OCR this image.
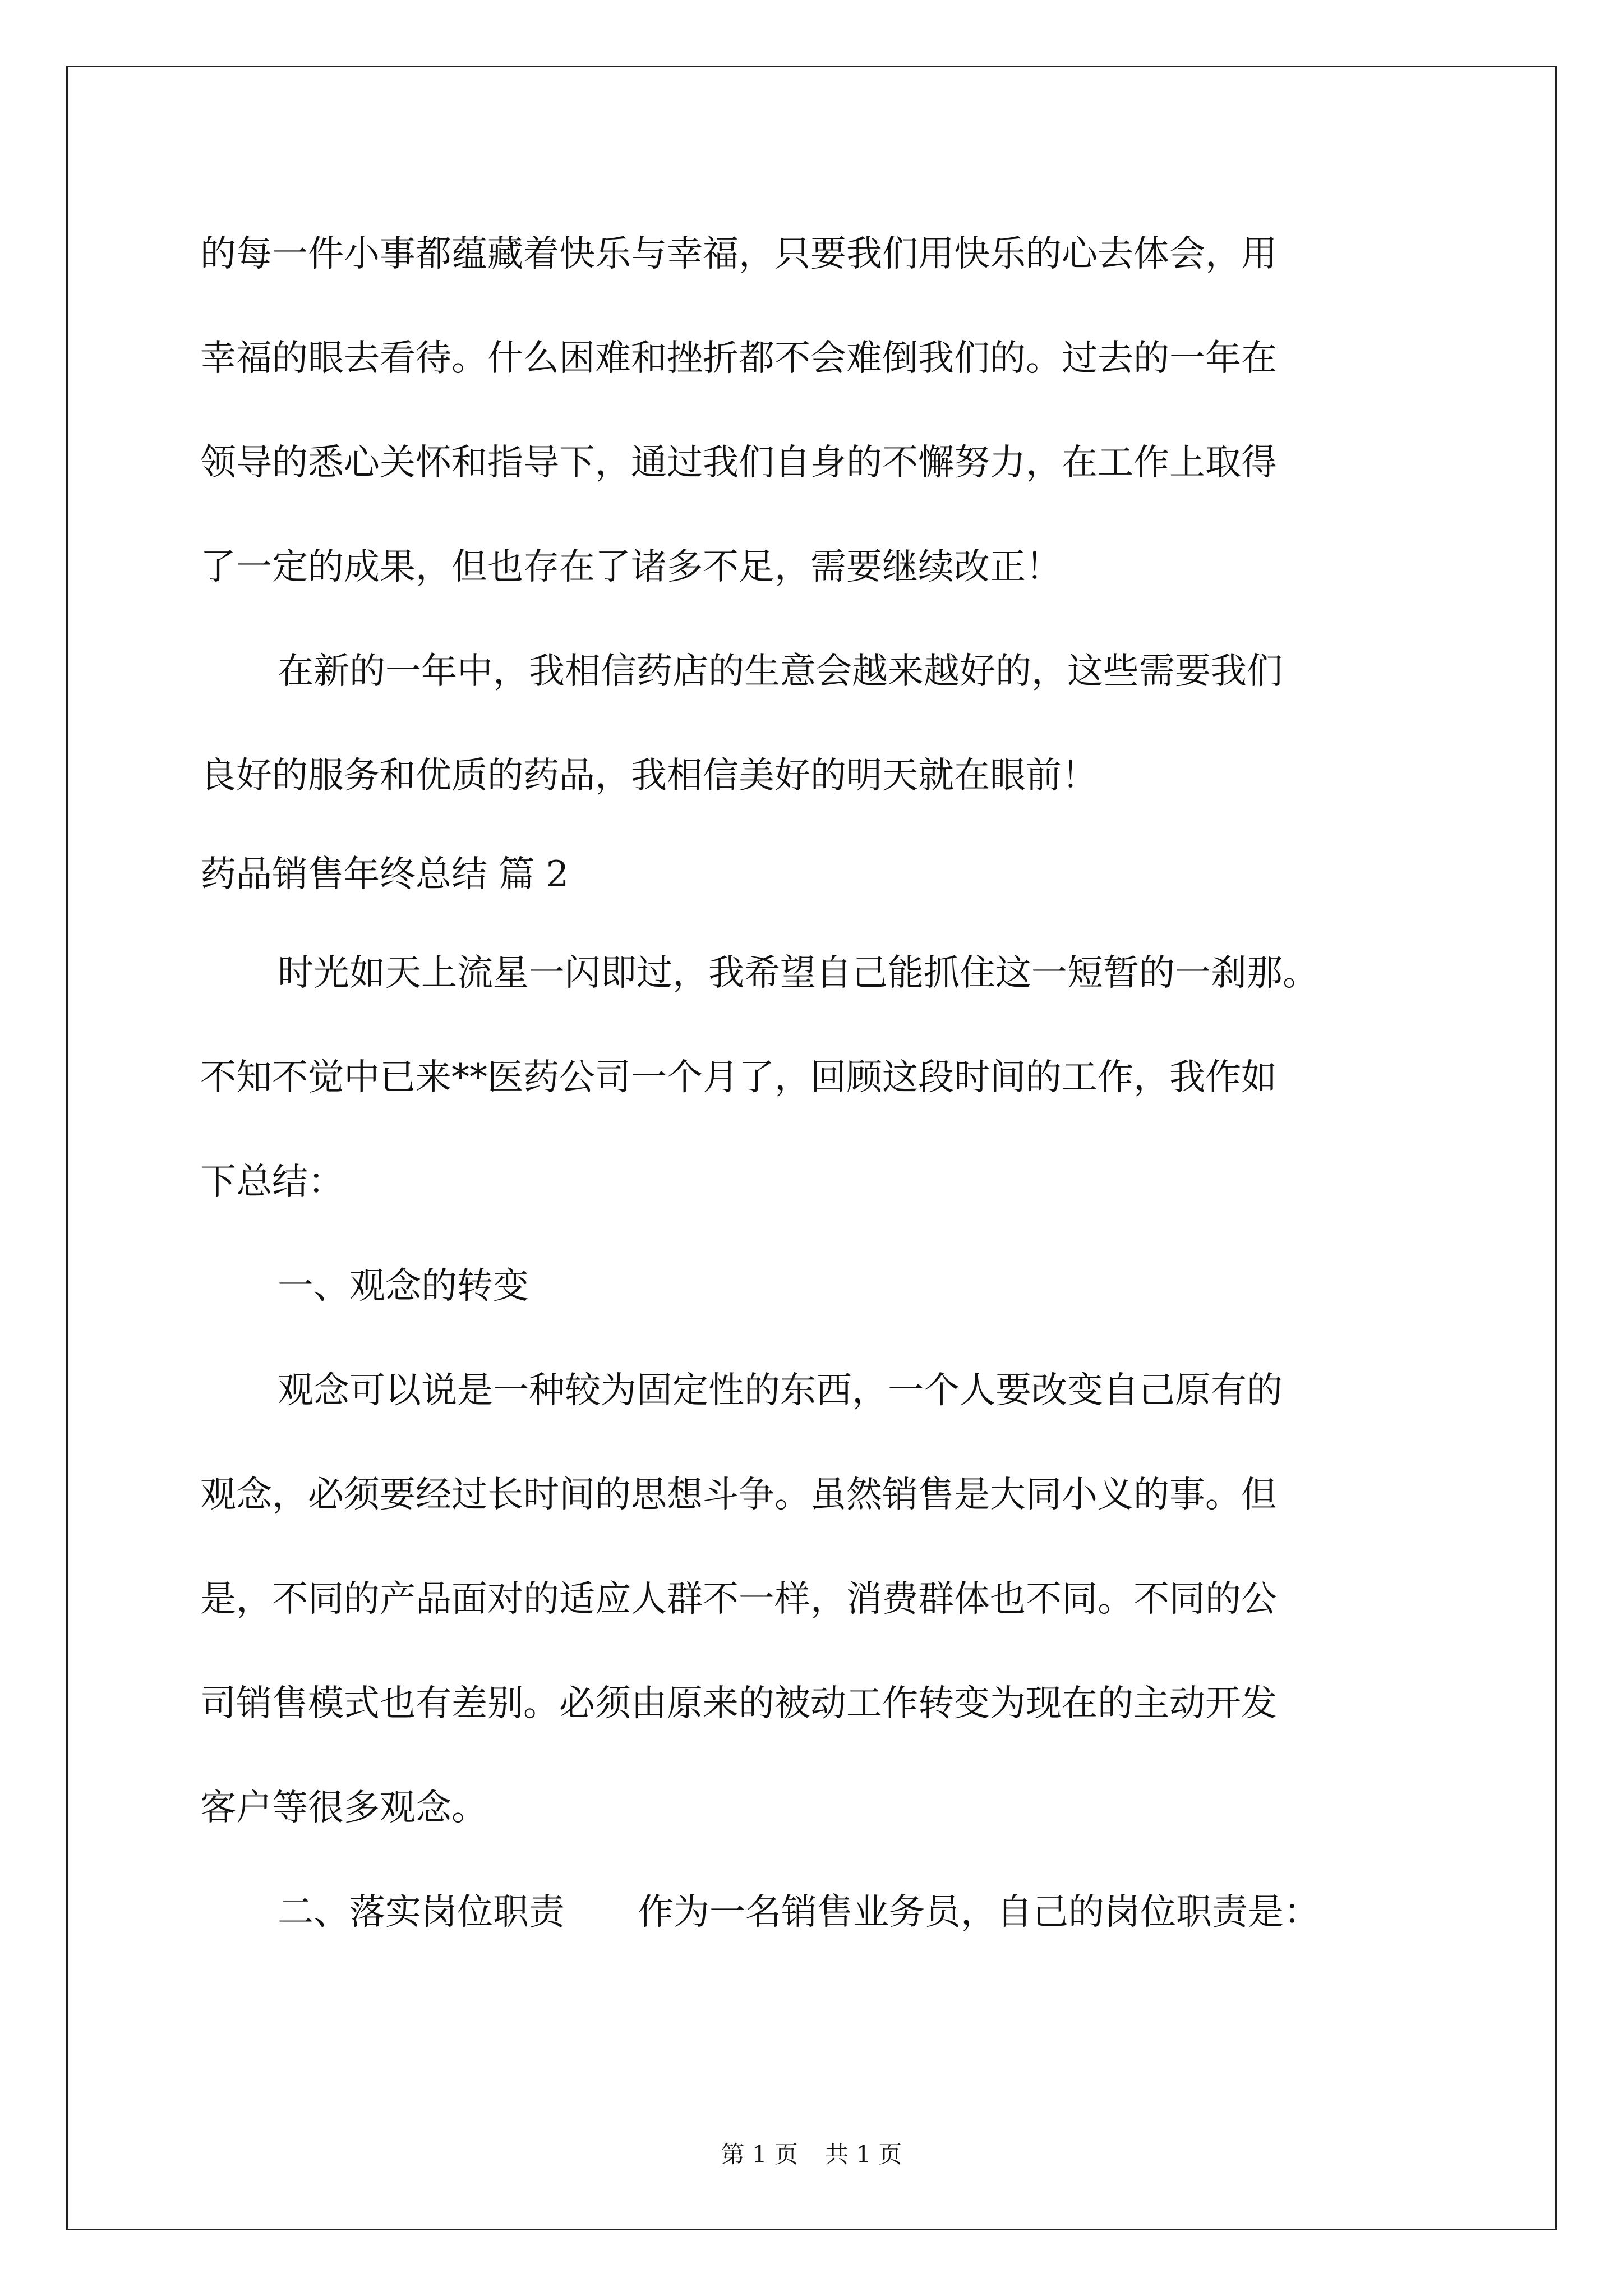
的每一件小事都蕴藏着快乐与幸福，只要我们用快乐的心去体会，用
幸福的眼去看待。什么困难和挫折都不会难倒我们的。过去的一年在
领导的悉心关怀和指导下，通过我们自身的不懈努力，在工作上取得
了一定的成果，但也存在了诸多不足，需要继续改正！
在新的一年中，我相信药店的生意会越来越好的，这些需要我们
良好的服务和优质的药品，我相信美好的明天就在眼前！
药品销售年终总结 篇 2
时光如天上流星一闪即过，我希望自己能抓住这一短暂的一刹那。
不知不觉中已来**医药公司一个月了，回顾这段时间的工作，我作如
下总结：
一、观念的转变
观念可以说是一种较为固定性的东西，一个人要改变自己原有的
观念，必须要经过长时间的思想斗争。虽然销售是大同小义的事。但
是，不同的产品面对的适应人群不一样，消费群体也不同。不同的公
司销售模式也有差别。必须由原来的被动工作转变为现在的主动开发
客户等很多观念。
二、落实岗位职责 作为一名销售业务员，自己的岗位职责是：
第 1 页 共 1 页
